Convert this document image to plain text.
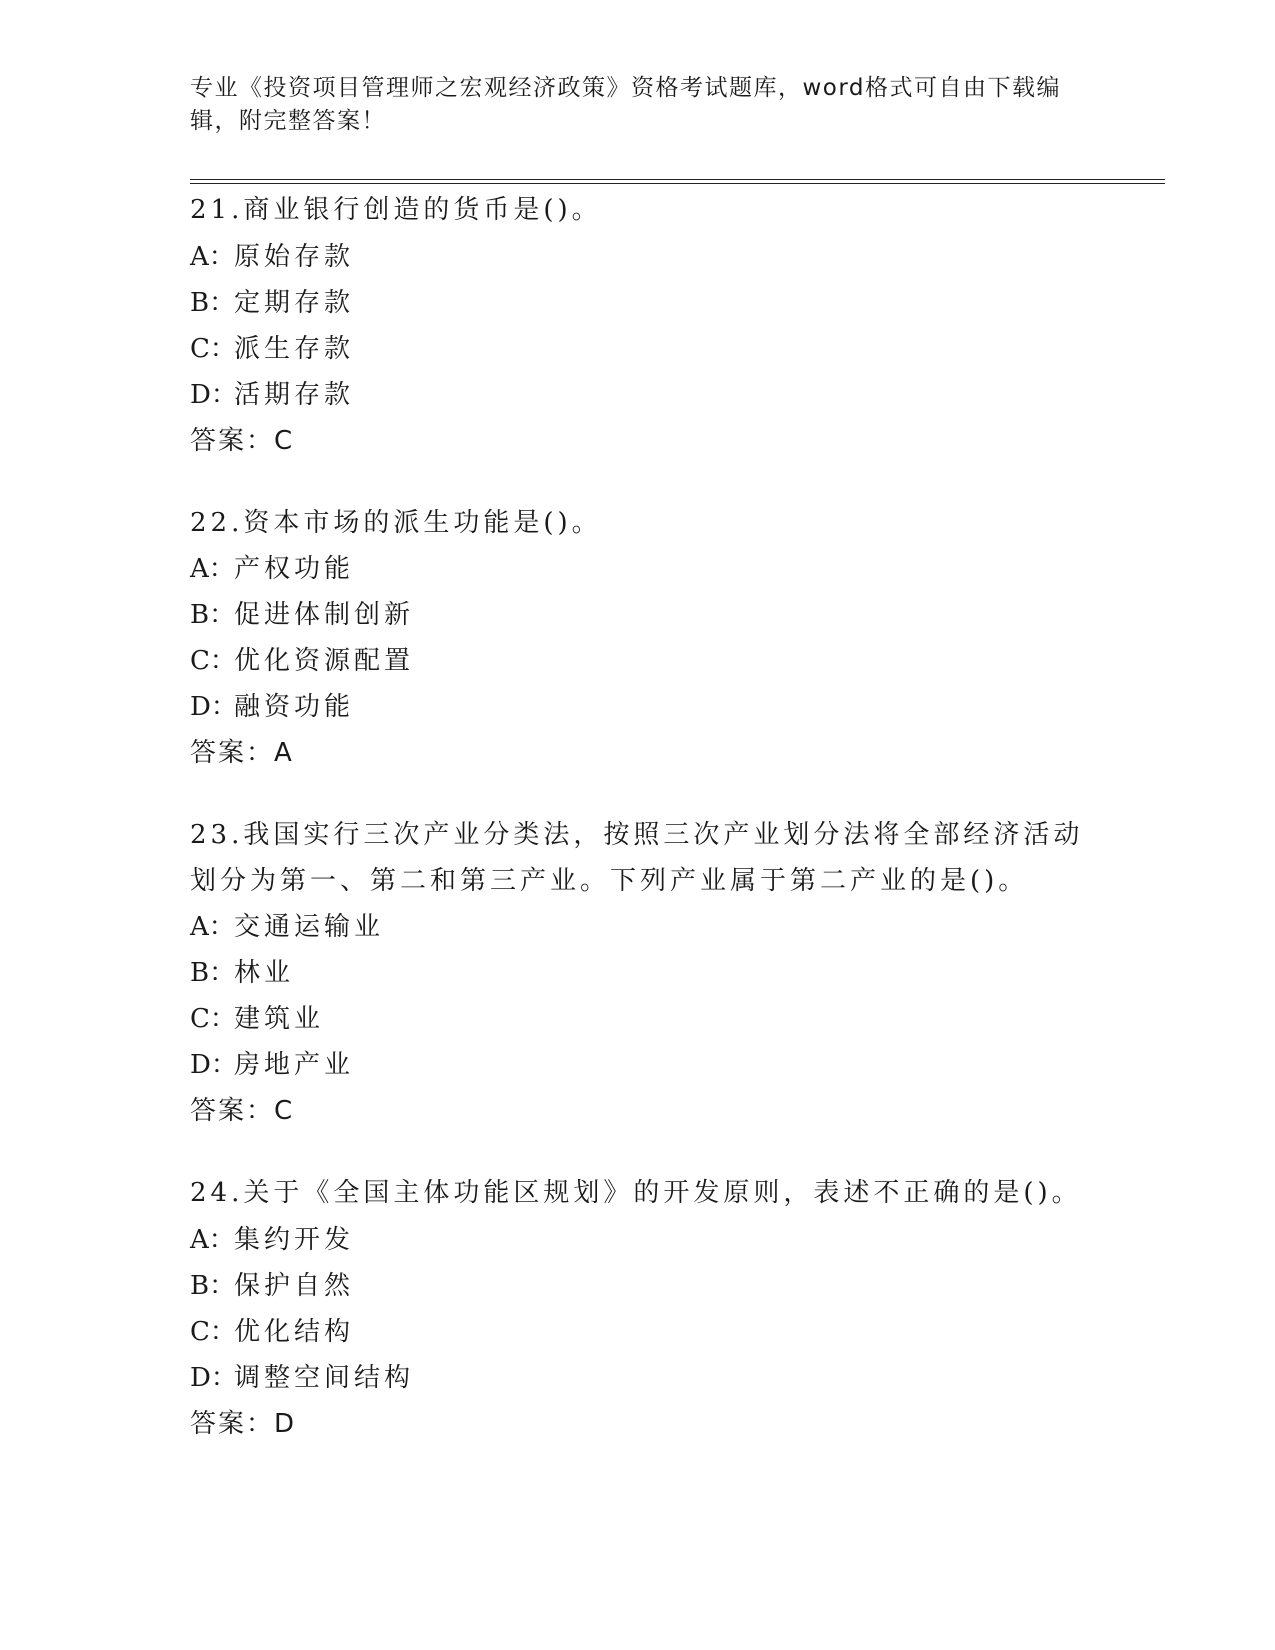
专业《投资项目管理师之宏观经济政策》资格考试题库，word格式可自由下载编辑，附完整答案！

21.商业银行创造的货币是()。

A：原始存款

B：定期存款

C：派生存款

D：活期存款

答案：C

22.资本市场的派生功能是()。

A：产权功能

B：促进体制创新

C：优化资源配置

D：融资功能

答案：A

23.我国实行三次产业分类法，按照三次产业划分法将全部经济活动划分为第一、第二和第三产业。下列产业属于第二产业的是()。

A：交通运输业

B：林业

C：建筑业

D：房地产业

答案：C

24.关于《全国主体功能区规划》的开发原则，表述不正确的是()。

A：集约开发

B：保护自然

C：优化结构

D：调整空间结构

答案：D
